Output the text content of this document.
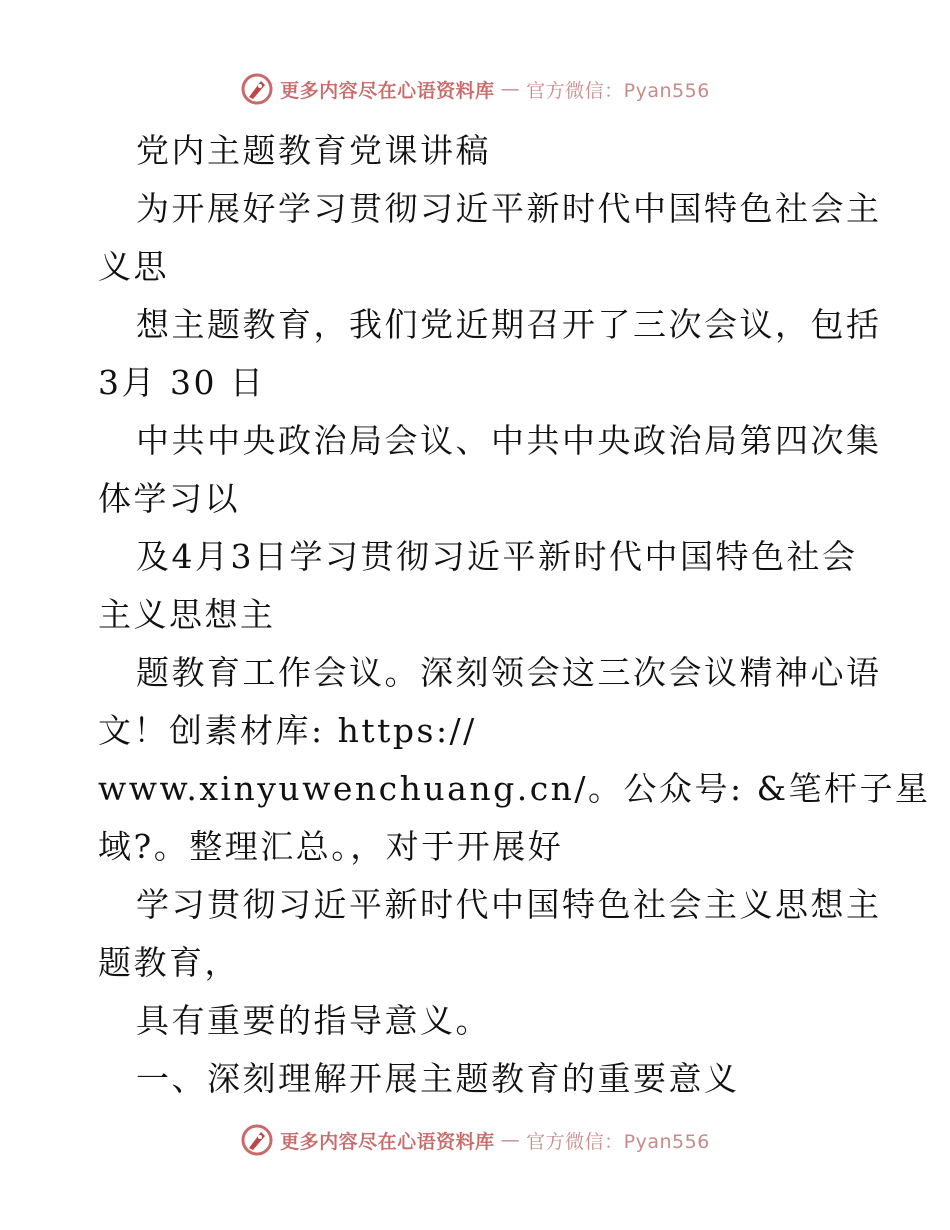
更多内容尽在心语资料库 — 官方微信：Pyan556
党内主题教育党课讲稿
为开展好学习贯彻习近平新时代中国特色社会主
义思
想主题教育，我们党近期召开了三次会议，包括
3月 30 日
中共中央政治局会议、中共中央政治局第四次集
体学习以
及4月3日学习贯彻习近平新时代中国特色社会
主义思想主
题教育工作会议。深刻领会这三次会议精神心语
文！创素材库: https://
www.xinyuwenchuang.cn/。公众号: &笔杆子星
域?。整理汇总。，对于开展好
学习贯彻习近平新时代中国特色社会主义思想主
题教育，
具有重要的指导意义。
一、深刻理解开展主题教育的重要意义
更多内容尽在心语资料库 — 官方微信：Pyan556
